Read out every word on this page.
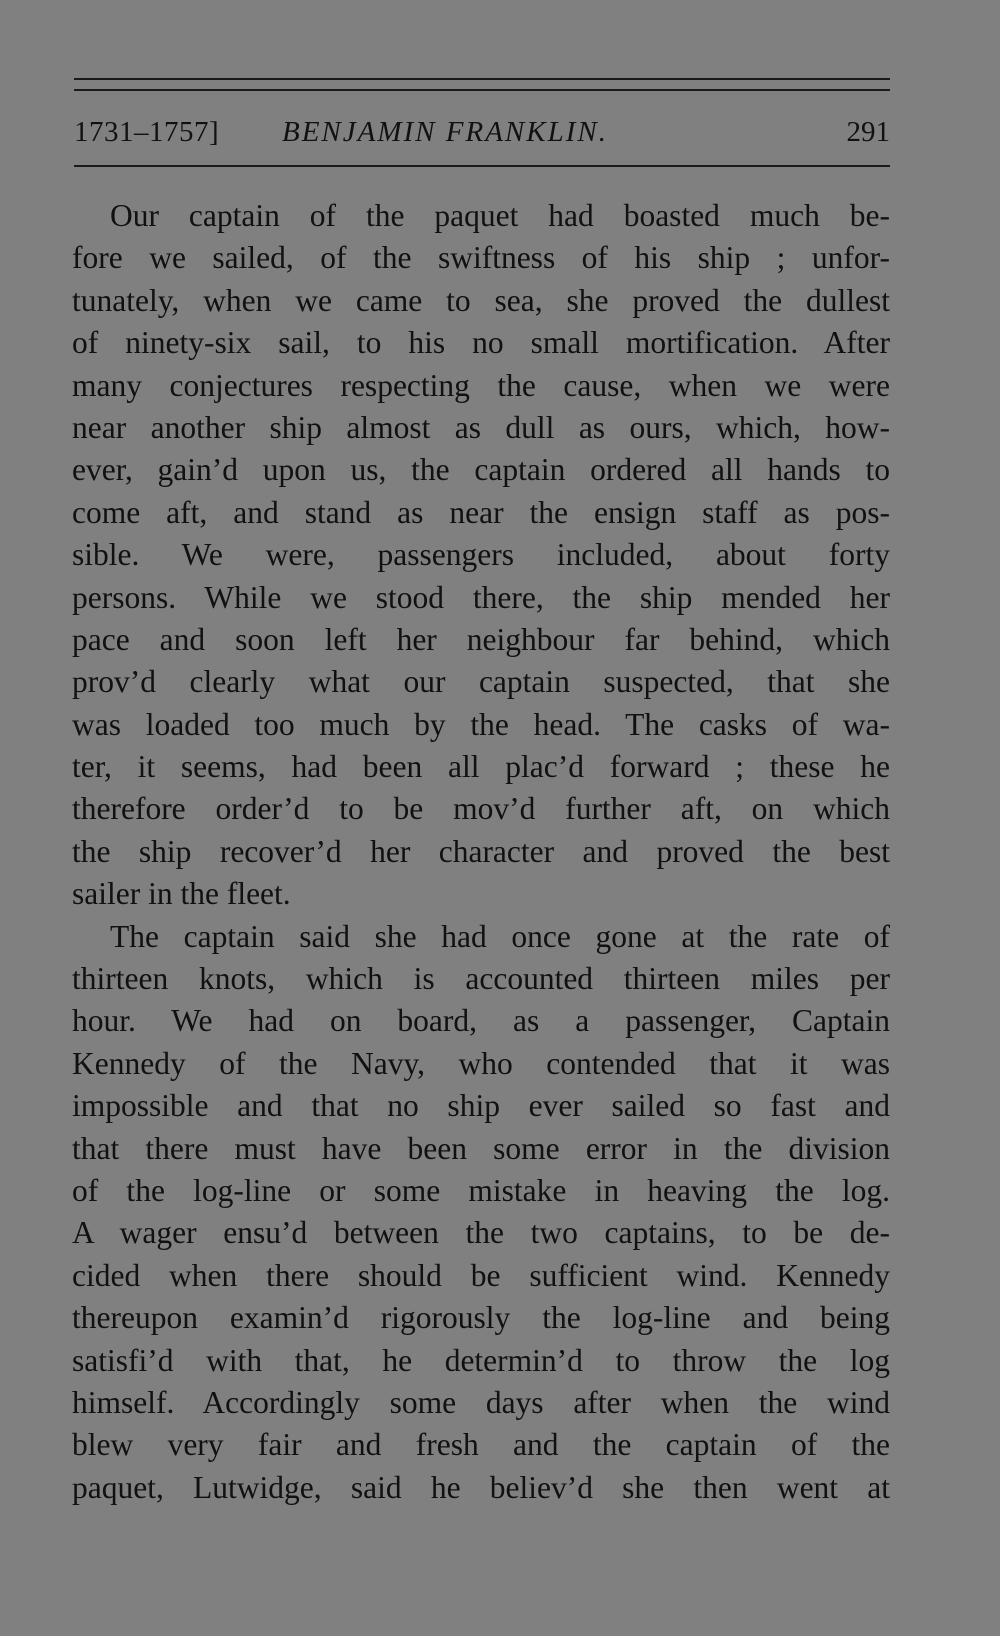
1731–1757] BENJAMIN FRANKLIN.	291
Our captain of the paquet had boasted much be-
fore we sailed, of the swiftness of his ship ; unfor-
tunately, when we came to sea, she proved the dullest
of ninety-six sail, to his no small mortification. After
many conjectures respecting the cause, when we were
near another ship almost as dull as ours, which, how-
ever, gain’d upon us, the captain ordered all hands to
come aft, and stand as near the ensign staff as pos-
sible. We were, passengers included, about forty
persons. While we stood there, the ship mended her
pace and soon left her neighbour far behind, which
prov’d clearly what our captain suspected, that she
was loaded too much by the head. The casks of wa-
ter, it seems, had been all plac’d forward ; these he
therefore order’d to be mov’d further aft, on which
the ship recover’d her character and proved the best
sailer in the fleet.
The captain said she had once gone at the rate of
thirteen knots, which is accounted thirteen miles per
hour. We had on board, as a passenger, Captain
Kennedy of the Navy, who contended that it was
impossible and that no ship ever sailed so fast and
that there must have been some error in the division
of the log-line or some mistake in heaving the log.
A wager ensu’d between the two captains, to be de-
cided when there should be sufficient wind. Kennedy
thereupon examin’d rigorously the log-line and being
satisfi’d with that, he determin’d to throw the log
himself. Accordingly some days after when the wind
blew very fair and fresh and the captain of the
paquet, Lutwidge, said he believ’d she then went at
